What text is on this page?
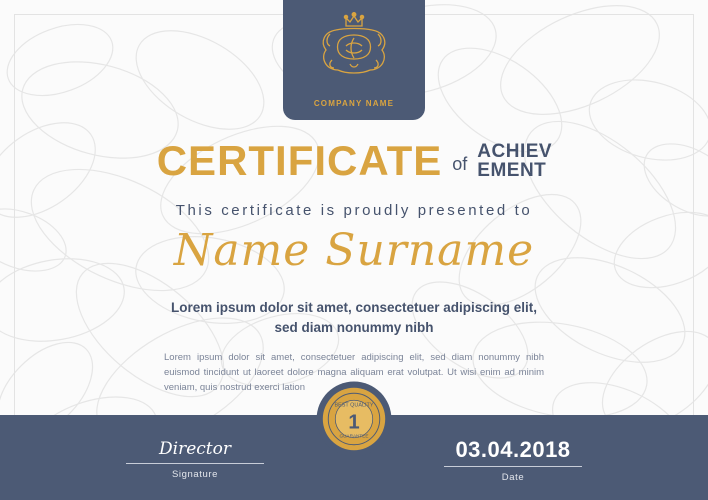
COMPANY NAME
CERTIFICATE of
ACHIEV
EMENT
This certificate is proudly presented to
Name Surname
Lorem ipsum dolor sit amet, consectetuer adipiscing elit, sed diam nonummy nibh
Lorem ipsum dolor sit amet, consectetuer adipiscing elit, sed diam nonummy nibh euismod tincidunt ut laoreet dolore magna aliquam erat volutpat. Ut wisi enim ad minim veniam, quis nostrud exerci lation
Director
Signature
03.04.2018
Date
BEST QUALITY
1
GUARANTEE
